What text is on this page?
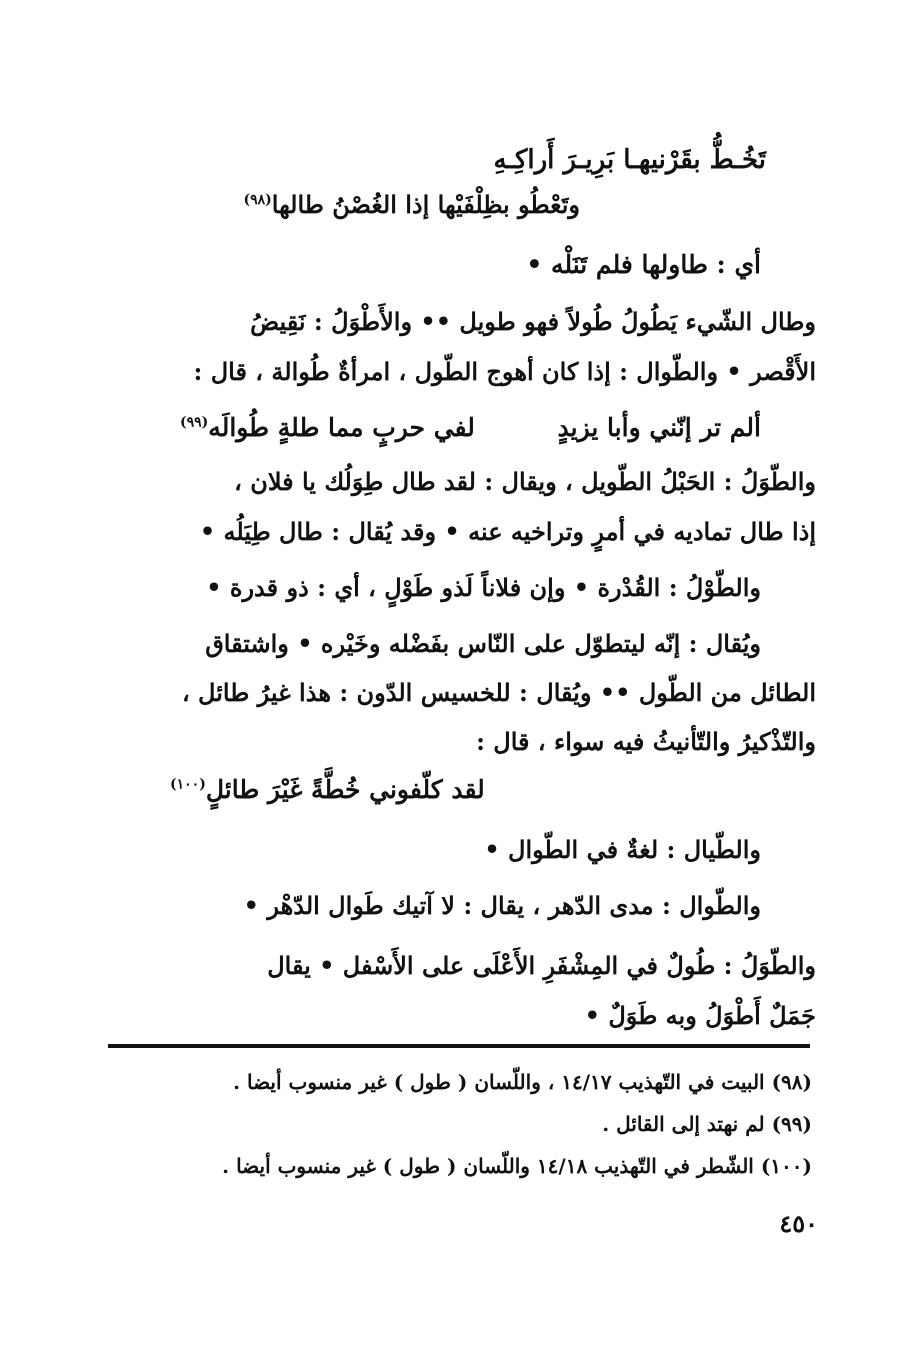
تَخُـطُّ بقَرْنيهـا بَرِيـرَ أَراكِـهِ
وتَعْطُو بظِلْفَيْها إذا الغُصْنُ طالها$^{(٩٨)}$
أي : طاولها فلم تَنَلْه •
وطال الشّيء يَطُولُ طُولاً فهو طويل •• والأَطْوَلُ : نَقِيضُ
الأَقْصر • والطّوال : إذا كان أهوج الطّول ، امرأةٌ طُوالة ، قال :
ألم تر إنّني وأبا يزيدٍ
لفي حربٍ مما طلةٍ طُوالَه$^{(٩٩)}$
والطّوَلُ : الحَبْلُ الطّويل ، ويقال : لقد طال طِوَلُك يا فلان ،
إذا طال تماديه في أمرٍ وتراخيه عنه • وقد يُقال : طال طِيَلُه •
والطّوْلُ : القُدْرة • وإن فلاناً لَذو طَوْلٍ ، أي : ذو قدرة •
ويُقال : إنّه ليتطوّل على النّاس بفَضْله وخَيْره • واشتقاق
الطائل من الطّول •• ويُقال : للخسيس الدّون : هذا غيرُ طائل ،
والتّذْكيرُ والتّأنيثُ فيه سواء ، قال :
لقد كلّفوني خُطَّةً غَيْرَ طائلٍ$^{(١٠٠)}$
والطّيال : لغةٌ في الطّوال •
والطّوال : مدى الدّهر ، يقال : لا آتيك طَوال الدّهْر •
والطّوَلُ : طُولٌ في المِشْفَرِ الأَعْلَى على الأَسْفل • يقال
جَمَلٌ أَطْوَلُ وبه طَوَلٌ •
(٩٨) البيت في التّهذيب ١٤/١٧ ، واللّسان ( طول ) غير منسوب أيضا .
(٩٩) لم نهتد إلى القائل .
(١٠٠) الشّطر في التّهذيب ١٤/١٨ واللّسان ( طول ) غير منسوب أيضا .
٤٥٠
